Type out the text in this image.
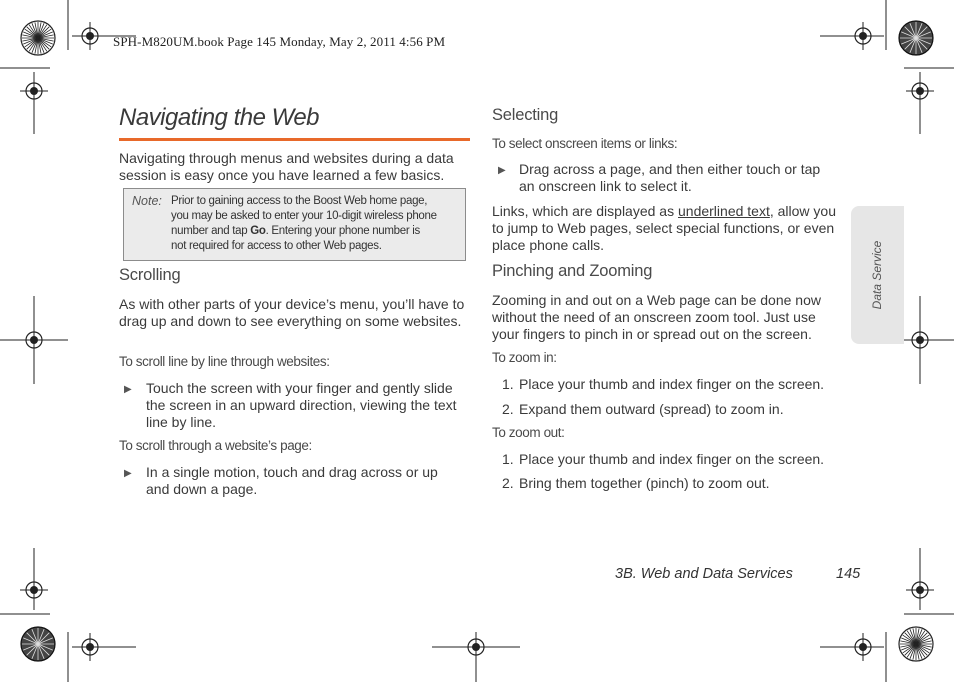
SPH-M820UM.book Page 145 Monday, May 2, 2011 4:56 PM
Navigating the Web
Navigating through menus and websites during a data session is easy once you have learned a few basics.
Note: Prior to gaining access to the Boost Web home page,
you may be asked to enter your 10-digit wireless phone
number and tap Go. Entering your phone number is
not required for access to other Web pages.
Scrolling
As with other parts of your device’s menu, you’ll have to drag up and down to see everything on some websites.
To scroll line by line through websites:
▶ Touch the screen with your finger and gently slide the screen in an upward direction, viewing the text line by line.
To scroll through a website’s page:
▶ In a single motion, touch and drag across or up and down a page.
Selecting
To select onscreen items or links:
▶ Drag across a page, and then either touch or tap an onscreen link to select it.
Links, which are displayed as underlined text, allow you to jump to Web pages, select special functions, or even place phone calls.
Pinching and Zooming
Zooming in and out on a Web page can be done now without the need of an onscreen zoom tool. Just use your fingers to pinch in or spread out on the screen.
To zoom in:
1. Place your thumb and index finger on the screen.
2. Expand them outward (spread) to zoom in.
To zoom out:
1. Place your thumb and index finger on the screen.
2. Bring them together (pinch) to zoom out.
Data Service
3B. Web and Data Services	145
